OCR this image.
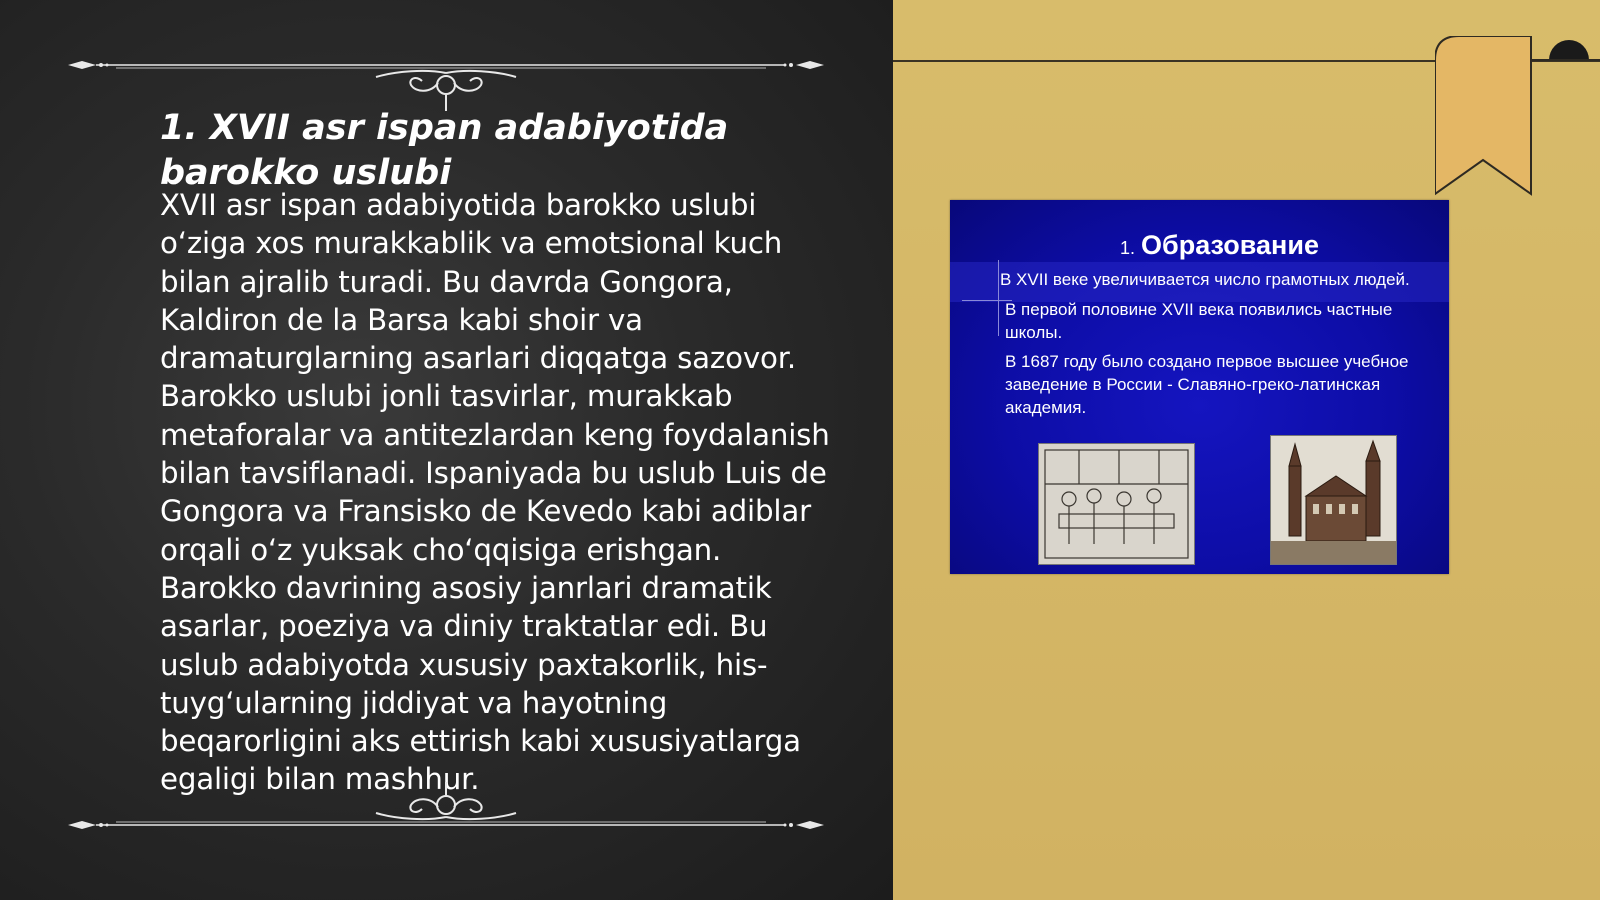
1. XVII asr ispan adabiyotida barokko uslubi

XVII asr ispan adabiyotida barokko uslubi o‘ziga xos murakkablik va emotsional kuch bilan ajralib turadi. Bu davrda Gongora, Kaldiron de la Barsa kabi shoir va dramaturglarning asarlari diqqatga sazovor. Barokko uslubi jonli tasvirlar, murakkab metaforalar va antitezlardan keng foydalanish bilan tavsiflanadi. Ispaniyada bu uslub Luis de Gongora va Fransisko de Kevedo kabi adiblar orqali o‘z yuksak cho‘qqisiga erishgan. Barokko davrining asosiy janrlari dramatik asarlar, poeziya va diniy traktatlar edi. Bu uslub adabiyotda xususiy paxtakorlik, his-tuyg‘ularning jiddiyat va hayotning beqarorligini aks ettirish kabi xususiyatlarga egaligi bilan mashhur.

1. Образование
В XVII веке увеличивается число грамотных людей.
В первой половине XVII века появились частные школы.
В 1687 году было создано первое высшее учебное заведение в России - Славяно-греко-латинская академия.
